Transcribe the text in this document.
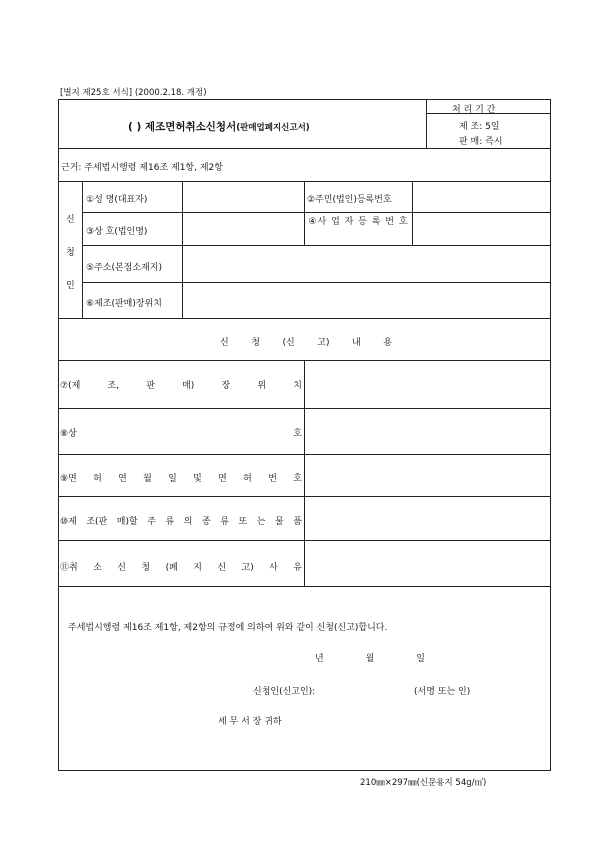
[별지 제25호 서식] (2000.2.18. 개정)
( ) 제조면허취소신청서(판매업폐지신고서)
처 리 기 간
제 조: 5일
판 매: 즉시
근거: 주세법시행령 제16조 제1항, 제2항
신
청
인
①성 명(대표자)	②주민(법인)등록번호
③상 호(법인명)
④사 업 자 등 록 번 호
⑤주소(본점소재지)
⑥제조(판매)장위치
신	청	(신	고)	내	용
⑦(제	조,	판	매)	장	위	치
⑧상	호
⑨면 허 연 월 일 및 면 허 번 호
⑩제 조(판 매)할 주 류 의 종 류 또 는 물 품
⑪취 소 신 청 (폐 지 신 고) 사 유
주세법시행령 제16조 제1항, 제2항의 규정에 의하여 위와 같이 신청(신고)합니다.
년	월	일
신청인(신고인):	(서명 또는 인)
세 무 서 장 귀하
210㎜×297㎜(신문용지 54g/㎡)
